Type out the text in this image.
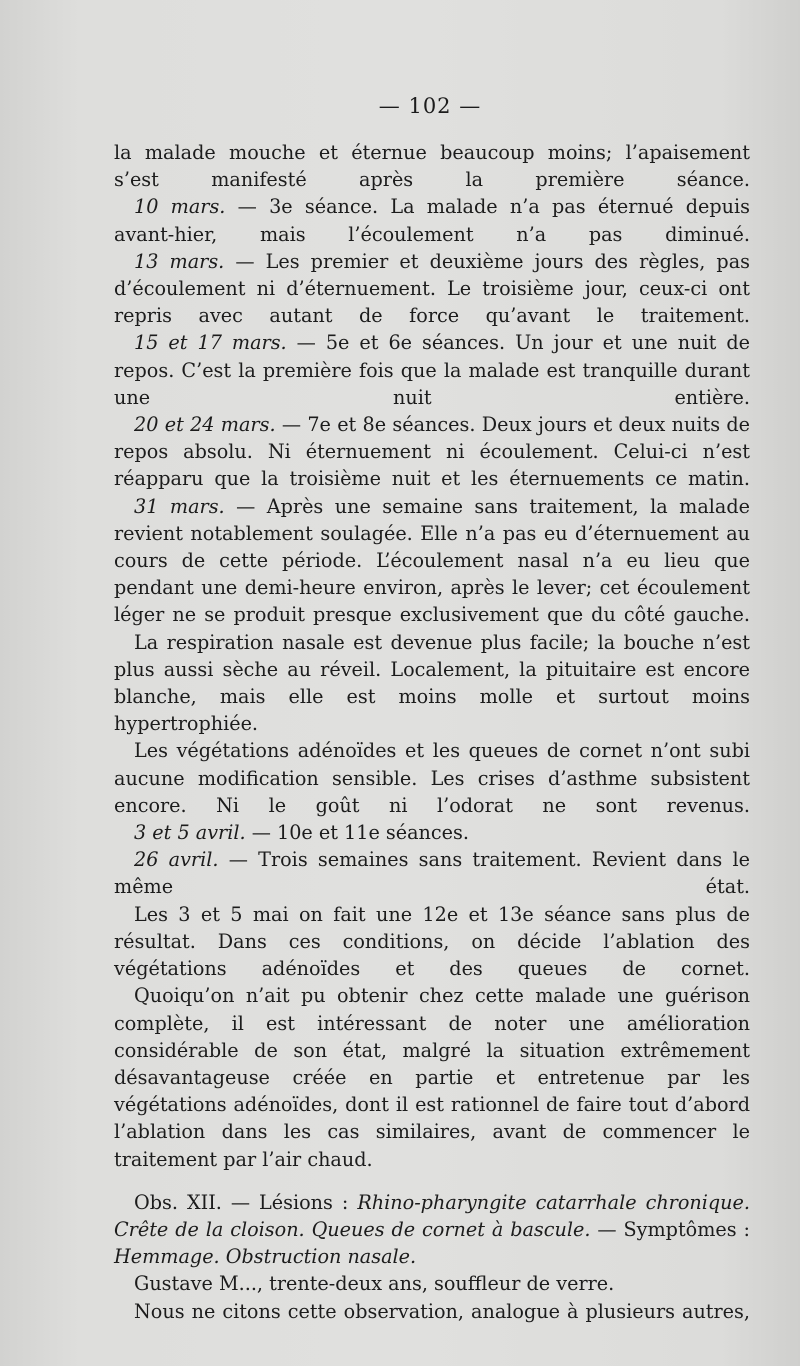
— 102 —

la malade mouche et éternue beaucoup moins; l’apaisement s’est manifesté après la première séance.

10 mars. — 3e séance. La malade n’a pas éternué depuis avant-hier, mais l’écoulement n’a pas diminué.

13 mars. — Les premier et deuxième jours des règles, pas d’écoulement ni d’éternuement. Le troisième jour, ceux-ci ont repris avec autant de force qu’avant le traitement.

15 et 17 mars. — 5e et 6e séances. Un jour et une nuit de repos. C’est la première fois que la malade est tranquille durant une nuit entière.

20 et 24 mars. — 7e et 8e séances. Deux jours et deux nuits de repos absolu. Ni éternuement ni écoulement. Celui-ci n’est réapparu que la troisième nuit et les éternuements ce matin.

31 mars. — Après une semaine sans traitement, la malade revient notablement soulagée. Elle n’a pas eu d’éternuement au cours de cette période. L’écoulement nasal n’a eu lieu que pendant une demi-heure environ, après le lever; cet écoulement léger ne se produit presque exclusivement que du côté gauche.

La respiration nasale est devenue plus facile; la bouche n’est plus aussi sèche au réveil. Localement, la pituitaire est encore blanche, mais elle est moins molle et surtout moins hypertrophiée.

Les végétations adénoïdes et les queues de cornet n’ont subi aucune modification sensible. Les crises d’asthme subsistent encore. Ni le goût ni l’odorat ne sont revenus.

3 et 5 avril. — 10e et 11e séances.

26 avril. — Trois semaines sans traitement. Revient dans le même état.

Les 3 et 5 mai on fait une 12e et 13e séance sans plus de résultat. Dans ces conditions, on décide l’ablation des végétations adénoïdes et des queues de cornet.

Quoiqu’on n’ait pu obtenir chez cette malade une guérison complète, il est intéressant de noter une amélioration considérable de son état, malgré la situation extrêmement désavantageuse créée en partie et entretenue par les végétations adénoïdes, dont il est rationnel de faire tout d’abord l’ablation dans les cas similaires, avant de commencer le traitement par l’air chaud.

Obs. XII. — Lésions : Rhino-pharyngite catarrhale chronique. Crête de la cloison. Queues de cornet à bascule. — Symptômes : Hemmage. Obstruction nasale.

Gustave M..., trente-deux ans, souffleur de verre.

Nous ne citons cette observation, analogue à plusieurs autres,
